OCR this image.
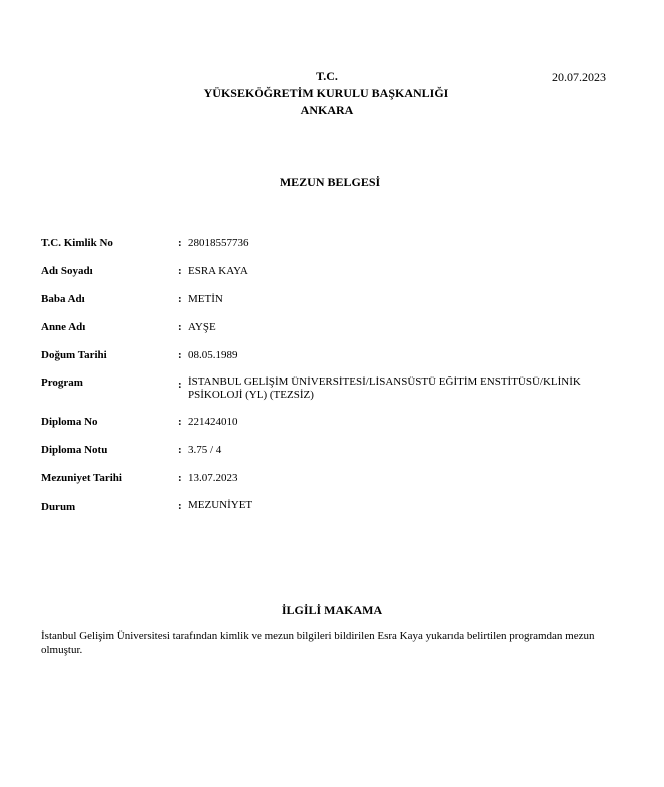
T.C.
YÜKSEKÖĞRETİM KURULU BAŞKANLIĞI
ANKARA
20.07.2023
MEZUN BELGESİ
T.C. Kimlik No	: 28018557736
Adı Soyadı	: ESRA KAYA
Baba Adı	: METİN
Anne Adı	: AYŞE
Doğum Tarihi	: 08.05.1989
Program	: İSTANBUL GELİŞİM ÜNİVERSİTESİ/LİSANSÜSTÜ EĞİTİM ENSTİTÜSÜ/KLİNİK
PSİKOLOJİ (YL) (TEZSİZ)
Diploma No	: 221424010
Diploma Notu	: 3.75 / 4
Mezuniyet Tarihi	: 13.07.2023
Durum	: MEZUNİYET
İLGİLİ MAKAMA
İstanbul Gelişim Üniversitesi tarafından kimlik ve mezun bilgileri bildirilen Esra Kaya yukarıda belirtilen programdan mezun olmuştur.
